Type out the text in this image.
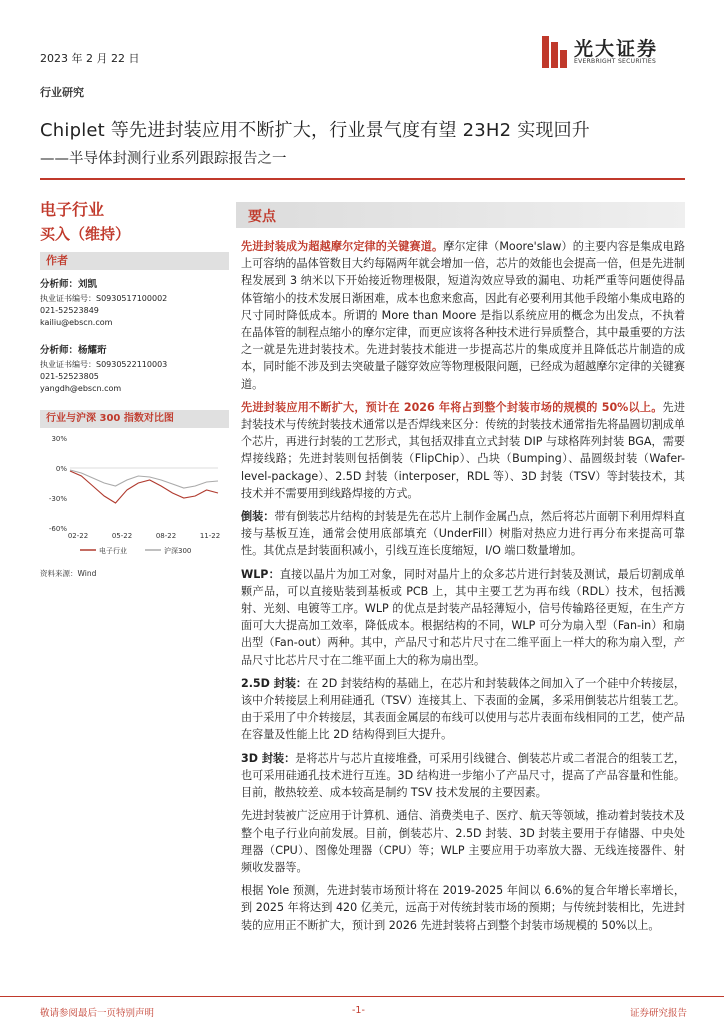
2023 年 2 月 22 日	光大证券
EVERBRIGHT SECURITIES
行业研究
Chiplet 等先进封装应用不断扩大，行业景气度有望 23H2 实现回升
——半导体封测行业系列跟踪报告之一
电子行业
买入（维持）
作者
分析师：刘凯
执业证书编号：S0930517100002
021-52523849
kailiu@ebscn.com
分析师：杨耀珩
执业证书编号：S0930522110003
021-52523805
yangdh@ebscn.com
行业与沪深 300 指数对比图
30%
0%
-30%
-60%
02-22	05-22	08-22	11-22
电子行业	沪深300
资料来源：Wind
要点

先进封装成为超越摩尔定律的关键赛道。摩尔定律（Moore'slaw）的主要内容是集成电路上可容纳的晶体管数目大约每隔两年就会增加一倍，芯片的效能也会提高一倍，但是先进制程发展到 3 纳米以下开始接近物理极限，短道沟效应导致的漏电、功耗严重等问题使得晶体管缩小的技术发展日渐困难，成本也愈来愈高，因此有必要利用其他手段缩小集成电路的尺寸同时降低成本。所谓的 More than Moore 是指以系统应用的概念为出发点，不执着在晶体管的制程点缩小的摩尔定律，而更应该将各种技术进行异质整合，其中最重要的方法之一就是先进封装技术。先进封装技术能进一步提高芯片的集成度并且降低芯片制造的成本，同时能不涉及到去突破量子隧穿效应等物理极限问题，已经成为超越摩尔定律的关键赛道。

先进封装应用不断扩大，预计在 2026 年将占到整个封装市场的规模的 50%以上。先进封装技术与传统封装技术通常以是否焊线来区分：传统的封装技术通常指先将晶圆切割成单个芯片，再进行封装的工艺形式，其包括双排直立式封装 DIP 与球格阵列封装 BGA，需要焊接线路；先进封装则包括倒装（FlipChip）、凸块（Bumping）、晶圆级封装（Wafer-level-package）、2.5D 封装（interposer，RDL 等）、3D 封装（TSV）等封装技术，其技术并不需要用到线路焊接的方式。

倒装：带有倒装芯片结构的封装是先在芯片上制作金属凸点，然后将芯片面朝下利用焊料直接与基板互连，通常会使用底部填充（UnderFill）树脂对热应力进行再分布来提高可靠性。其优点是封装面积减小，引线互连长度缩短，I/O 端口数量增加。

WLP：直接以晶片为加工对象，同时对晶片上的众多芯片进行封装及测试，最后切割成单颗产品，可以直接贴装到基板或 PCB 上，其中主要工艺为再布线（RDL）技术，包括溅射、光刻、电镀等工序。WLP 的优点是封装产品轻薄短小，信号传输路径更短，在生产方面可大大提高加工效率，降低成本。根据结构的不同，WLP 可分为扇入型（Fan-in）和扇出型（Fan-out）两种。其中，产品尺寸和芯片尺寸在二维平面上一样大的称为扇入型，产品尺寸比芯片尺寸在二维平面上大的称为扇出型。

2.5D 封装：在 2D 封装结构的基础上，在芯片和封装载体之间加入了一个硅中介转接层，该中介转接层上利用硅通孔（TSV）连接其上、下表面的金属，多采用倒装芯片组装工艺。由于采用了中介转接层，其表面金属层的布线可以使用与芯片表面布线相同的工艺，使产品在容量及性能上比 2D 结构得到巨大提升。

3D 封装：是将芯片与芯片直接堆叠，可采用引线键合、倒装芯片或二者混合的组装工艺，也可采用硅通孔技术进行互连。3D 结构进一步缩小了产品尺寸，提高了产品容量和性能。目前，散热较差、成本较高是制约 TSV 技术发展的主要因素。

先进封装被广泛应用于计算机、通信、消费类电子、医疗、航天等领域，推动着封装技术及整个电子行业向前发展。目前，倒装芯片、2.5D 封装、3D 封装主要用于存储器、中央处理器（CPU）、图像处理器（CPU）等；WLP 主要应用于功率放大器、无线连接器件、射频收发器等。

根据 Yole 预测，先进封装市场预计将在 2019-2025 年间以 6.6%的复合年增长率增长，到 2025 年将达到 420 亿美元，远高于对传统封装市场的预期；与传统封装相比，先进封装的应用正不断扩大，预计到 2026 先进封装将占到整个封装市场规模的 50%以上。

敬请参阅最后一页特别声明	-1-	证券研究报告
